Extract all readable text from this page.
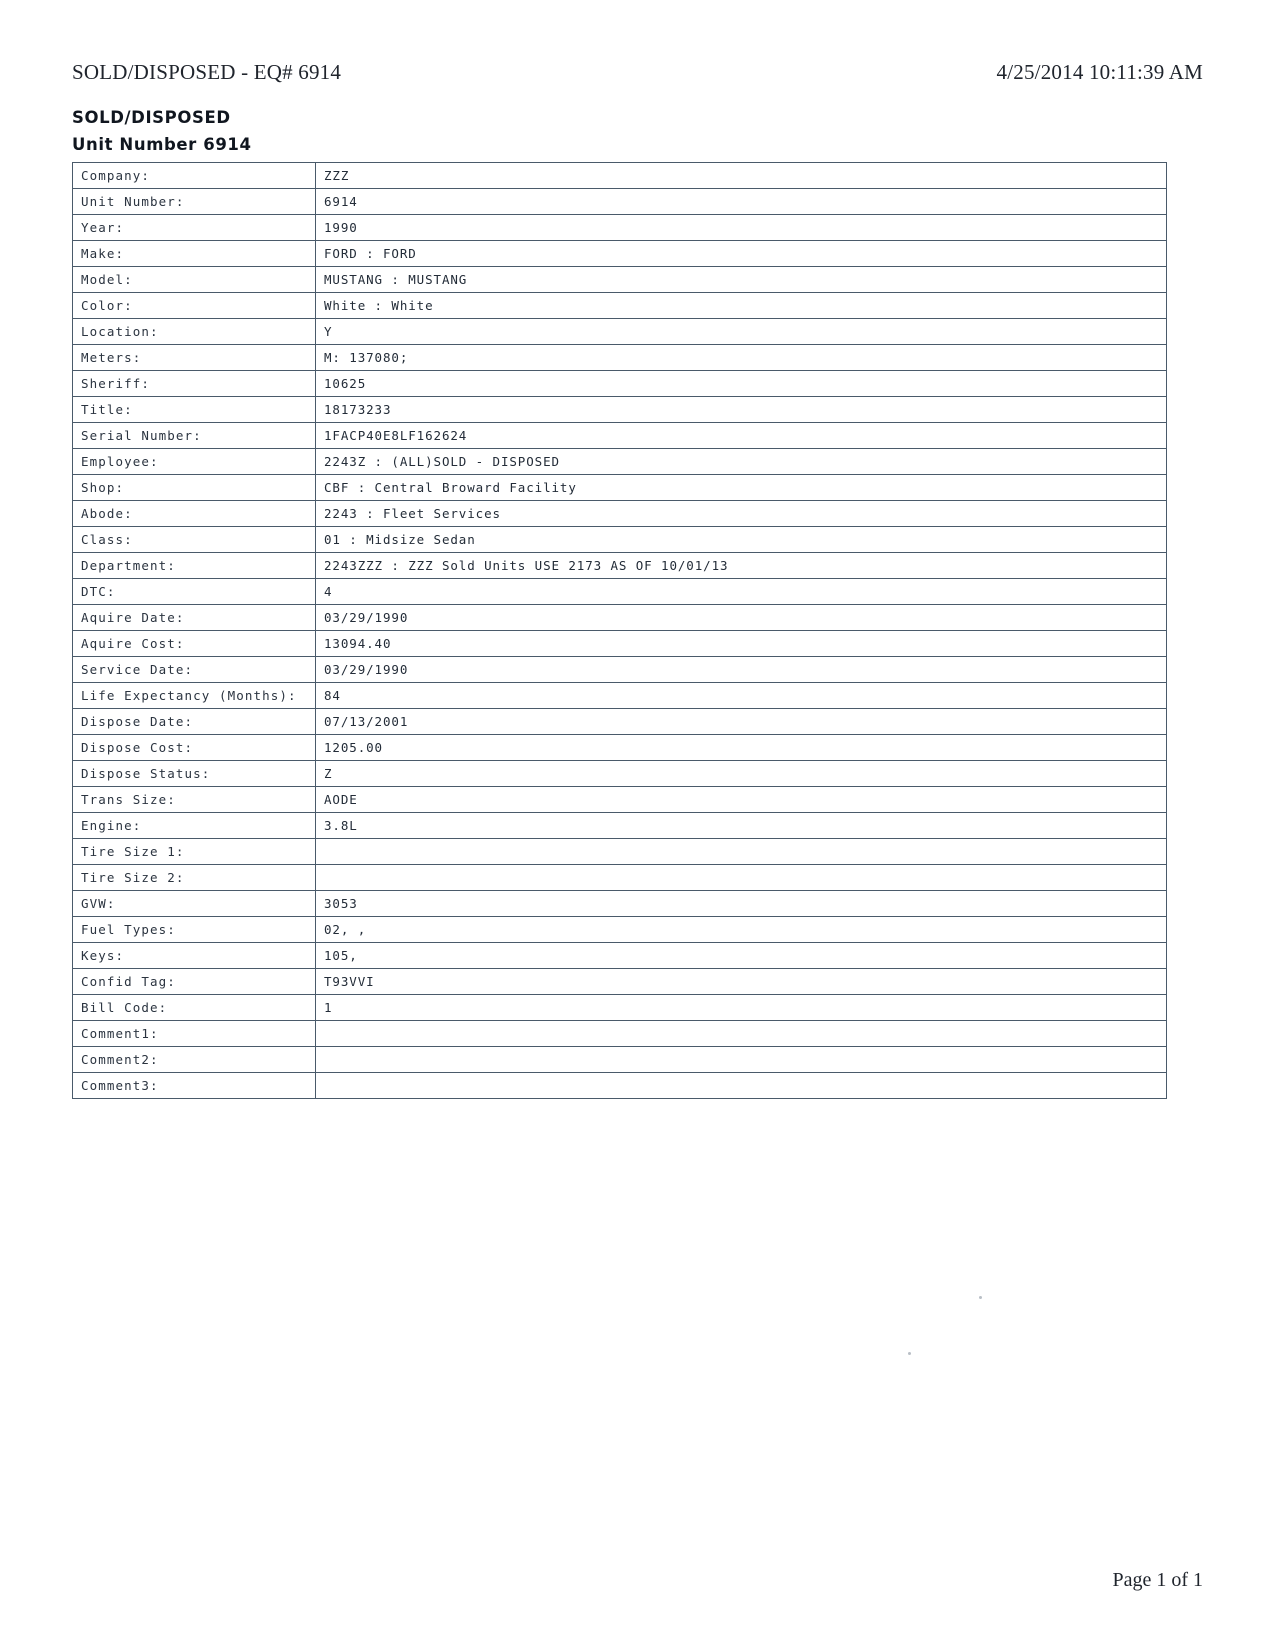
SOLD/DISPOSED - EQ# 6914	4/25/2014 10:11:39 AM
SOLD/DISPOSED
Unit Number 6914
Company:	ZZZ
Unit Number:	6914
Year:	1990
Make:	FORD : FORD
Model:	MUSTANG : MUSTANG
Color:	White : White
Location:	Y
Meters:	M: 137080;
Sheriff:	10625
Title:	18173233
Serial Number:	1FACP40E8LF162624
Employee:	2243Z : (ALL)SOLD - DISPOSED
Shop:	CBF : Central Broward Facility
Abode:	2243 : Fleet Services
Class:	01 : Midsize Sedan
Department:	2243ZZZ : ZZZ Sold Units USE 2173 AS OF 10/01/13
DTC:	4
Aquire Date:	03/29/1990
Aquire Cost:	13094.40
Service Date:	03/29/1990
Life Expectancy (Months):	84
Dispose Date:	07/13/2001
Dispose Cost:	1205.00
Dispose Status:	Z
Trans Size:	AODE
Engine:	3.8L
Tire Size 1:	
Tire Size 2:	
GVW:	3053
Fuel Types:	02, ,
Keys:	105,
Confid Tag:	T93VVI
Bill Code:	1
Comment1:	
Comment2:	
Comment3:	
Page 1 of 1
